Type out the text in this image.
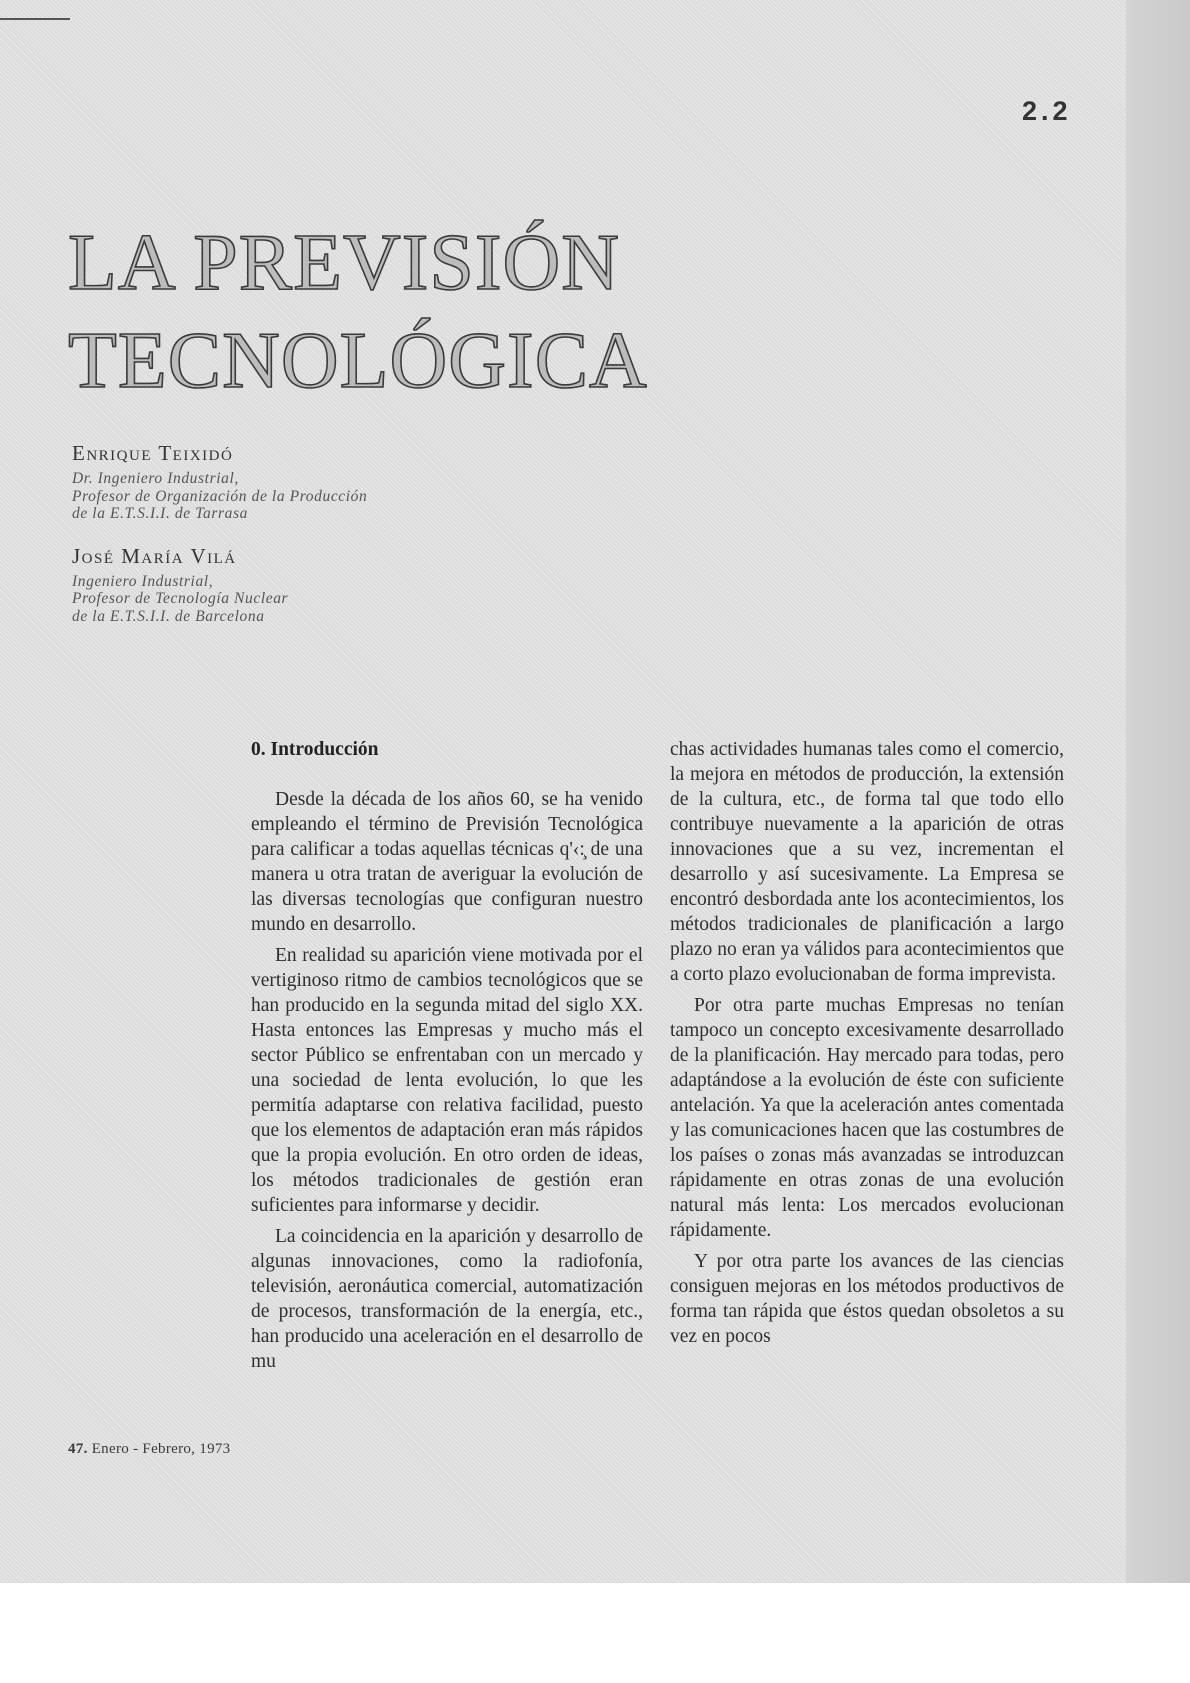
2.2
LA PREVISIÓN
TECNOLÓGICA
Enrique Teixidó
Dr. Ingeniero Industrial,
Profesor de Organización de la Producción
de la E.T.S.I.I. de Tarrasa
José María Vilá
Ingeniero Industrial,
Profesor de Tecnología Nuclear
de la E.T.S.I.I. de Barcelona
0. Introducción

Desde la década de los años 60, se ha venido empleando el término de Previsión Tecnológica para calificar a todas aquellas técnicas q'‹:̧ de una manera u otra tratan de averiguar la evolución de las diversas tecnologías que configuran nuestro mundo en desarrollo.

En realidad su aparición viene motivada por el vertiginoso ritmo de cambios tecnológicos que se han producido en la segunda mitad del siglo XX. Hasta entonces las Empresas y mucho más el sector Público se enfrentaban con un mercado y una sociedad de lenta evolución, lo que les permitía adaptarse con relativa facilidad, puesto que los elementos de adaptación eran más rápidos que la propia evolución. En otro orden de ideas, los métodos tradicionales de gestión eran suficientes para informarse y decidir.

La coincidencia en la aparición y desarrollo de algunas innovaciones, como la radiofonía, televisión, aeronáutica comercial, automatización de procesos, transformación de la energía, etc., han producido una aceleración en el desarrollo de mu

chas actividades humanas tales como el comercio, la mejora en métodos de producción, la extensión de la cultura, etc., de forma tal que todo ello contribuye nuevamente a la aparición de otras innovaciones que a su vez, incrementan el desarrollo y así sucesivamente. La Empresa se encontró desbordada ante los acontecimientos, los métodos tradicionales de planificación a largo plazo no eran ya válidos para acontecimientos que a corto plazo evolucionaban de forma imprevista.

Por otra parte muchas Empresas no tenían tampoco un concepto excesivamente desarrollado de la planificación. Hay mercado para todas, pero adaptándose a la evolución de éste con suficiente antelación. Ya que la aceleración antes comentada y las comunicaciones hacen que las costumbres de los países o zonas más avanzadas se introduzcan rápidamente en otras zonas de una evolución natural más lenta: Los mercados evolucionan rápidamente.

Y por otra parte los avances de las ciencias consiguen mejoras en los métodos productivos de forma tan rápida que éstos quedan obsoletos a su vez en pocos

47. Enero - Febrero, 1973
